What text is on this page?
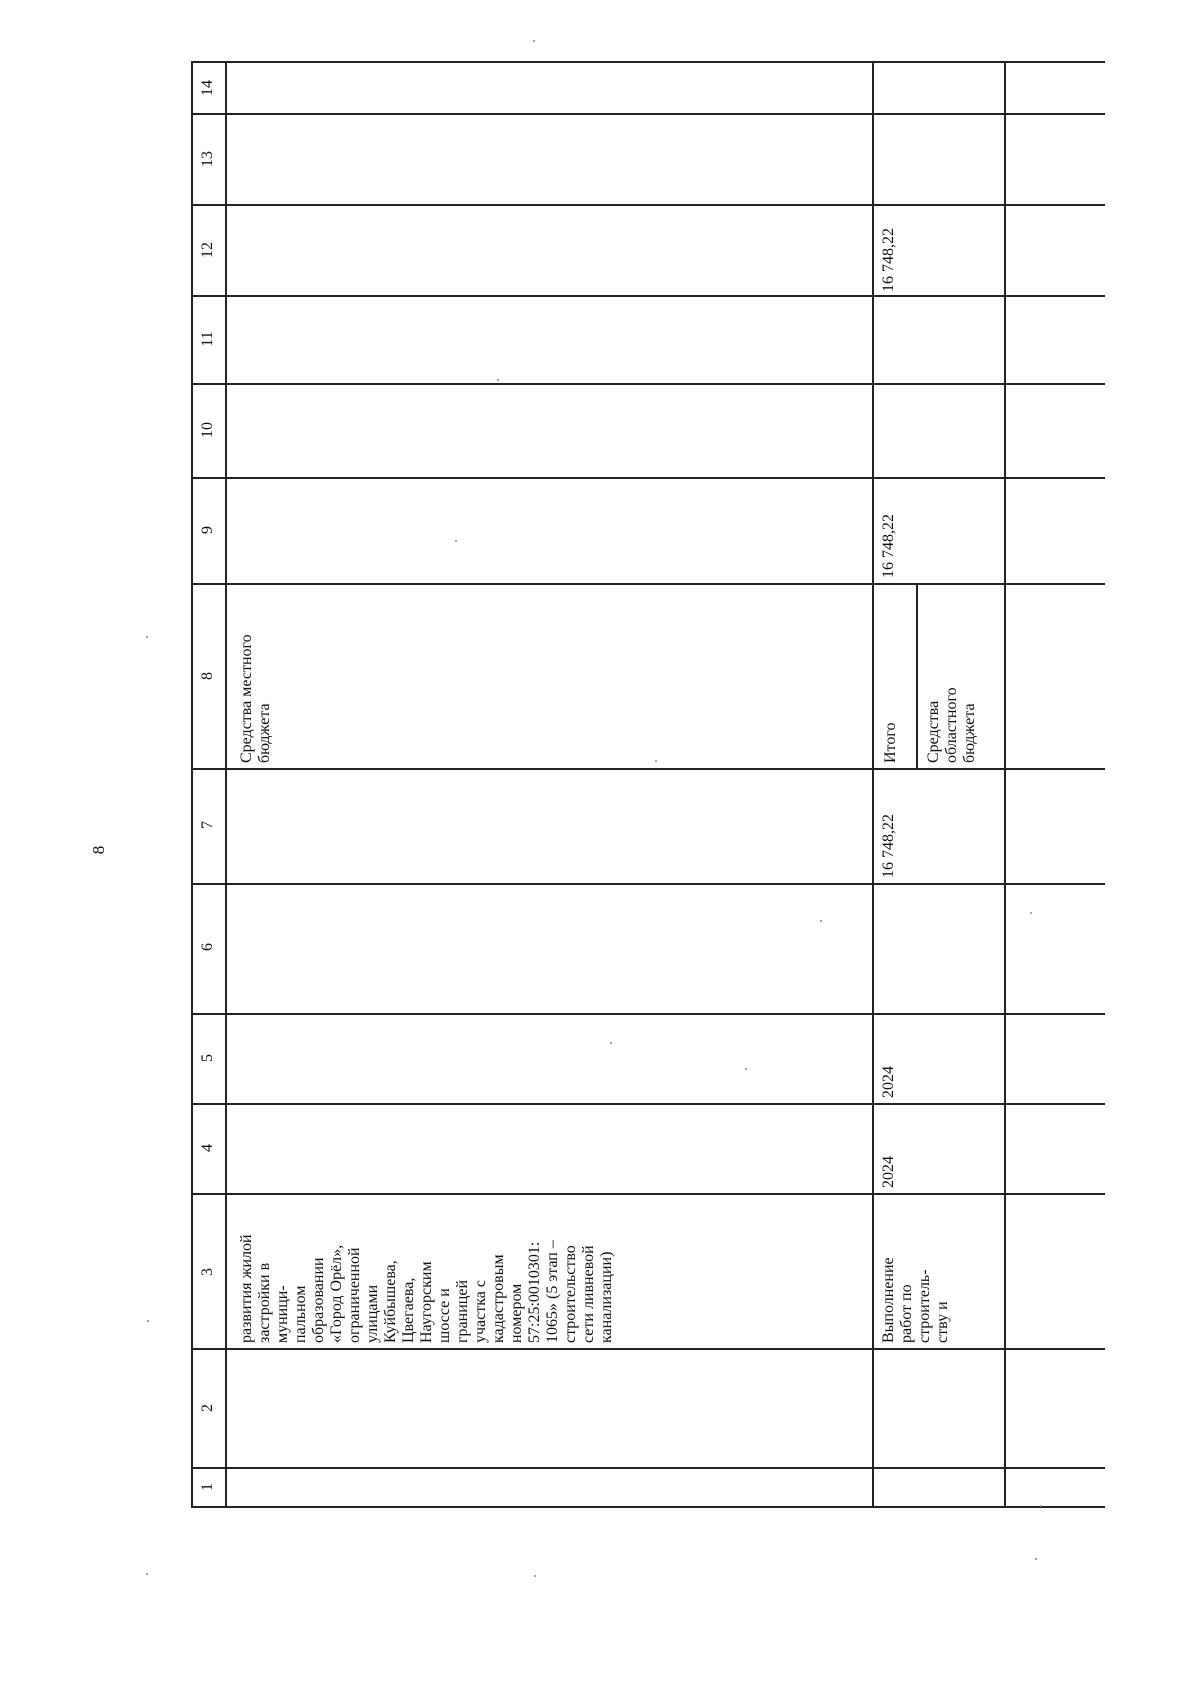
8
14
13
12
11
10
9
8
7
6
5
4
3
2
1
развития жилой
застройки в
муници-
пальном
образовании
«Город Орёл»,
ограниченной
улицами
Куйбышева,
Цвегаева,
Наугорским
шоссе и
границей
участка с
кадастровым
номером
57:25:0010301:
1065» (5 этап –
строительство
сети ливневой
канализации)
Средства местного
бюджета
Выполнение
работ по
строитель-
ству и
2024
2024
16 748,22
Итого Средства
областного
бюджета
16 748,22
16 748,22
